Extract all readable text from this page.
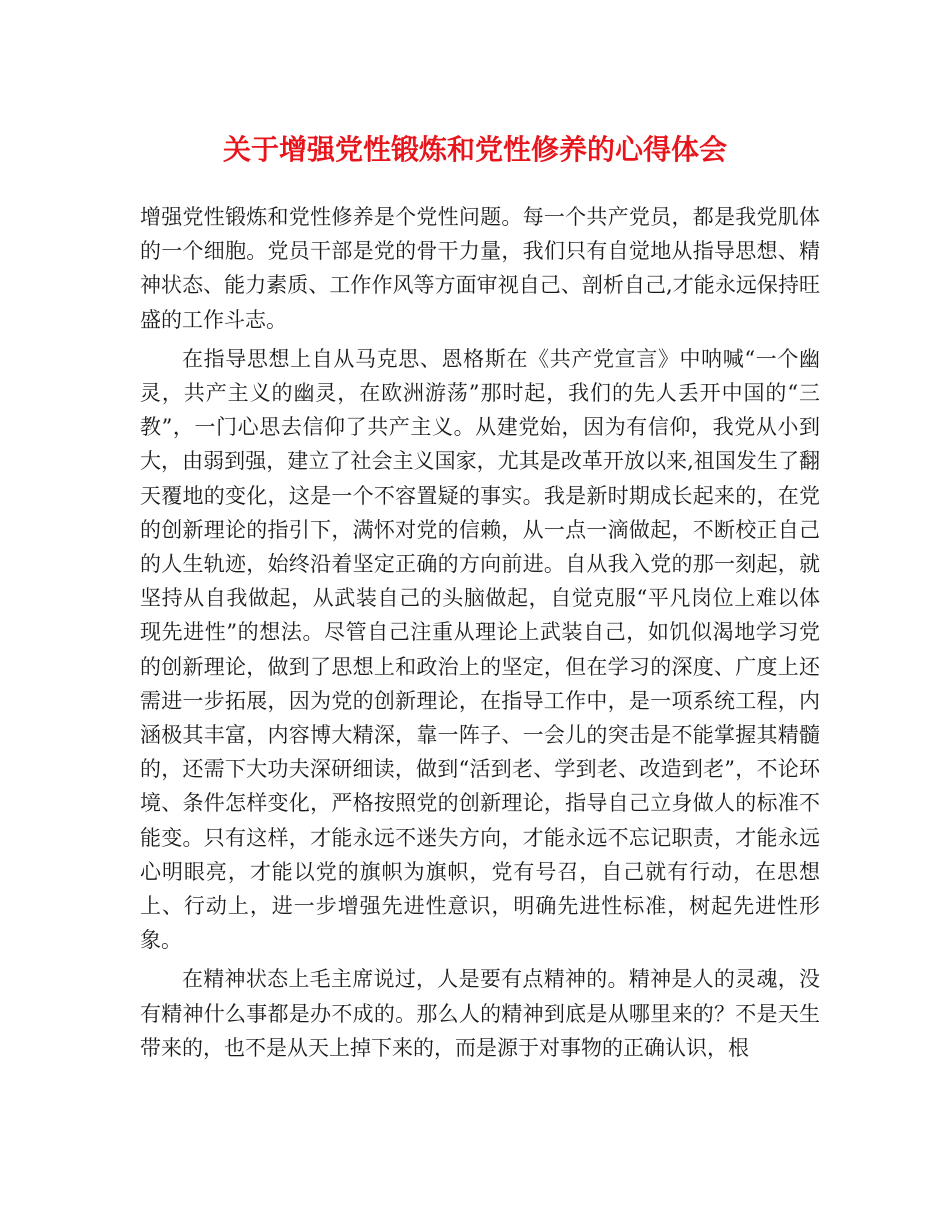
关于增强党性锻炼和党性修养的心得体会

增强党性锻炼和党性修养是个党性问题。每一个共产党员，都是我党肌体的一个细胞。党员干部是党的骨干力量，我们只有自觉地从指导思想、精神状态、能力素质、工作作风等方面审视自己、剖析自己,才能永远保持旺盛的工作斗志。

在指导思想上自从马克思、恩格斯在《共产党宣言》中呐喊“一个幽灵，共产主义的幽灵，在欧洲游荡”那时起，我们的先人丢开中国的“三教”，一门心思去信仰了共产主义。从建党始，因为有信仰，我党从小到大，由弱到强，建立了社会主义国家，尤其是改革开放以来,祖国发生了翻天覆地的变化，这是一个不容置疑的事实。我是新时期成长起来的，在党的创新理论的指引下，满怀对党的信赖，从一点一滴做起，不断校正自己的人生轨迹，始终沿着坚定正确的方向前进。自从我入党的那一刻起，就坚持从自我做起，从武装自己的头脑做起，自觉克服“平凡岗位上难以体现先进性”的想法。尽管自己注重从理论上武装自己，如饥似渴地学习党的创新理论，做到了思想上和政治上的坚定，但在学习的深度、广度上还需进一步拓展，因为党的创新理论，在指导工作中，是一项系统工程，内涵极其丰富，内容博大精深，靠一阵子、一会儿的突击是不能掌握其精髓的，还需下大功夫深研细读，做到“活到老、学到老、改造到老”，不论环境、条件怎样变化，严格按照党的创新理论，指导自己立身做人的标准不能变。只有这样，才能永远不迷失方向，才能永远不忘记职责，才能永远心明眼亮，才能以党的旗帜为旗帜，党有号召，自己就有行动，在思想上、行动上，进一步增强先进性意识，明确先进性标准，树起先进性形象。

在精神状态上毛主席说过，人是要有点精神的。精神是人的灵魂，没有精神什么事都是办不成的。那么人的精神到底是从哪里来的？不是天生带来的，也不是从天上掉下来的，而是源于对事物的正确认识，根
